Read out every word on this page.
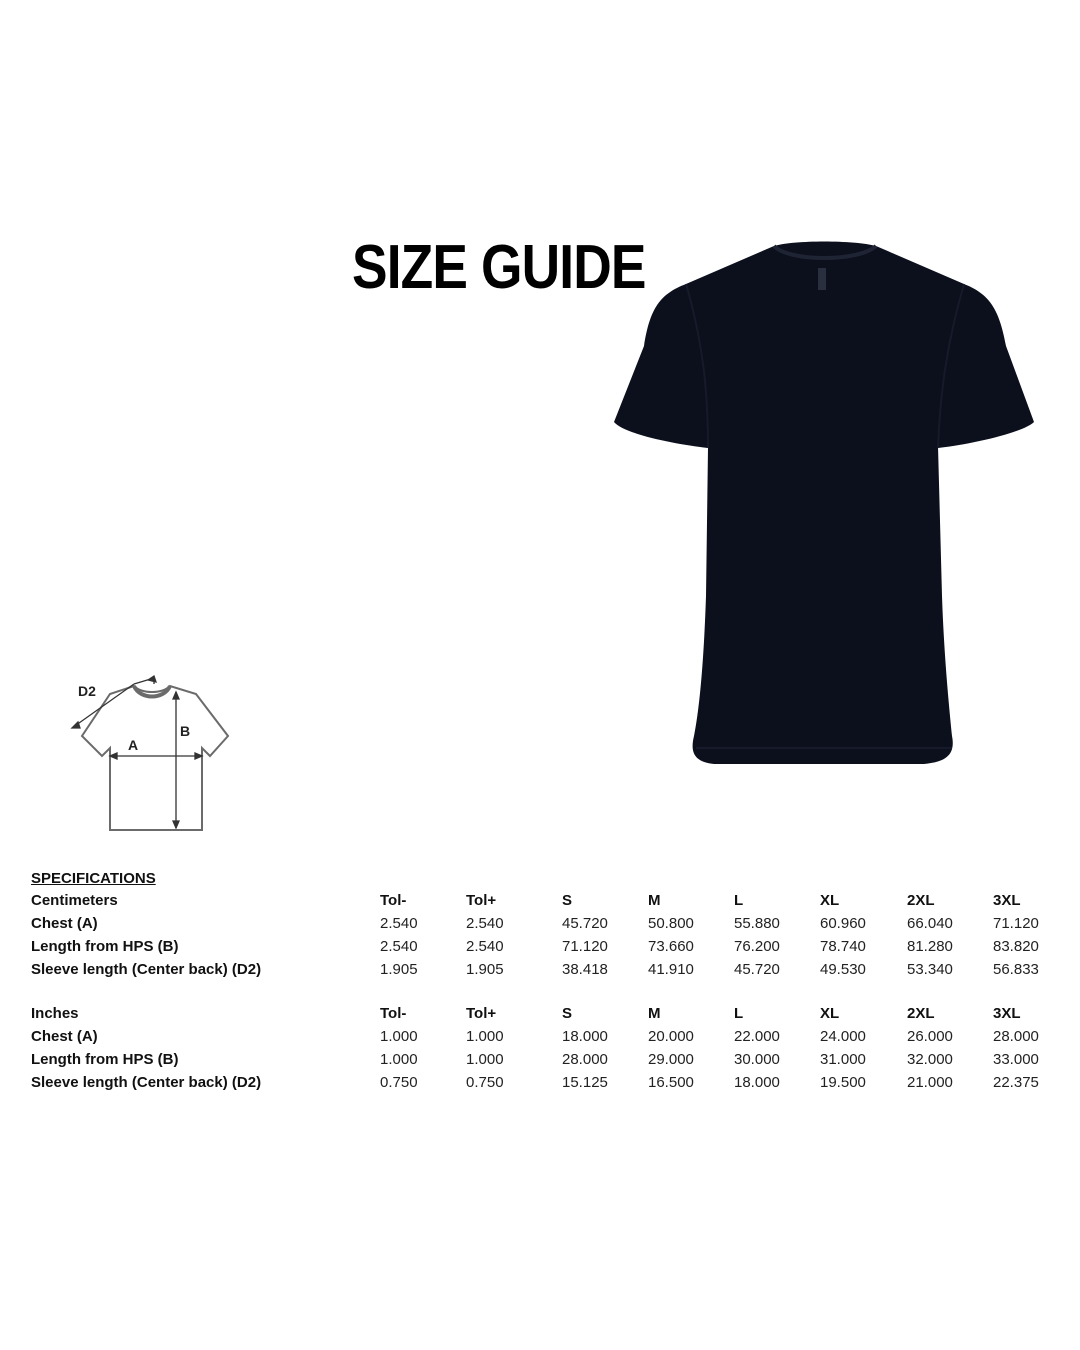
SIZE GUIDE
D2
A
B
SPECIFICATIONS
Centimeters	Tol-	Tol+	S	M	L	XL	2XL	3XL
Chest (A)	2.540	2.540	45.720	50.800	55.880	60.960	66.040	71.120
Length from HPS (B)	2.540	2.540	71.120	73.660	76.200	78.740	81.280	83.820
Sleeve length (Center back) (D2)	1.905	1.905	38.418	41.910	45.720	49.530	53.340	56.833
Inches	Tol-	Tol+	S	M	L	XL	2XL	3XL
Chest (A)	1.000	1.000	18.000	20.000	22.000	24.000	26.000	28.000
Length from HPS (B)	1.000	1.000	28.000	29.000	30.000	31.000	32.000	33.000
Sleeve length (Center back) (D2)	0.750	0.750	15.125	16.500	18.000	19.500	21.000	22.375
